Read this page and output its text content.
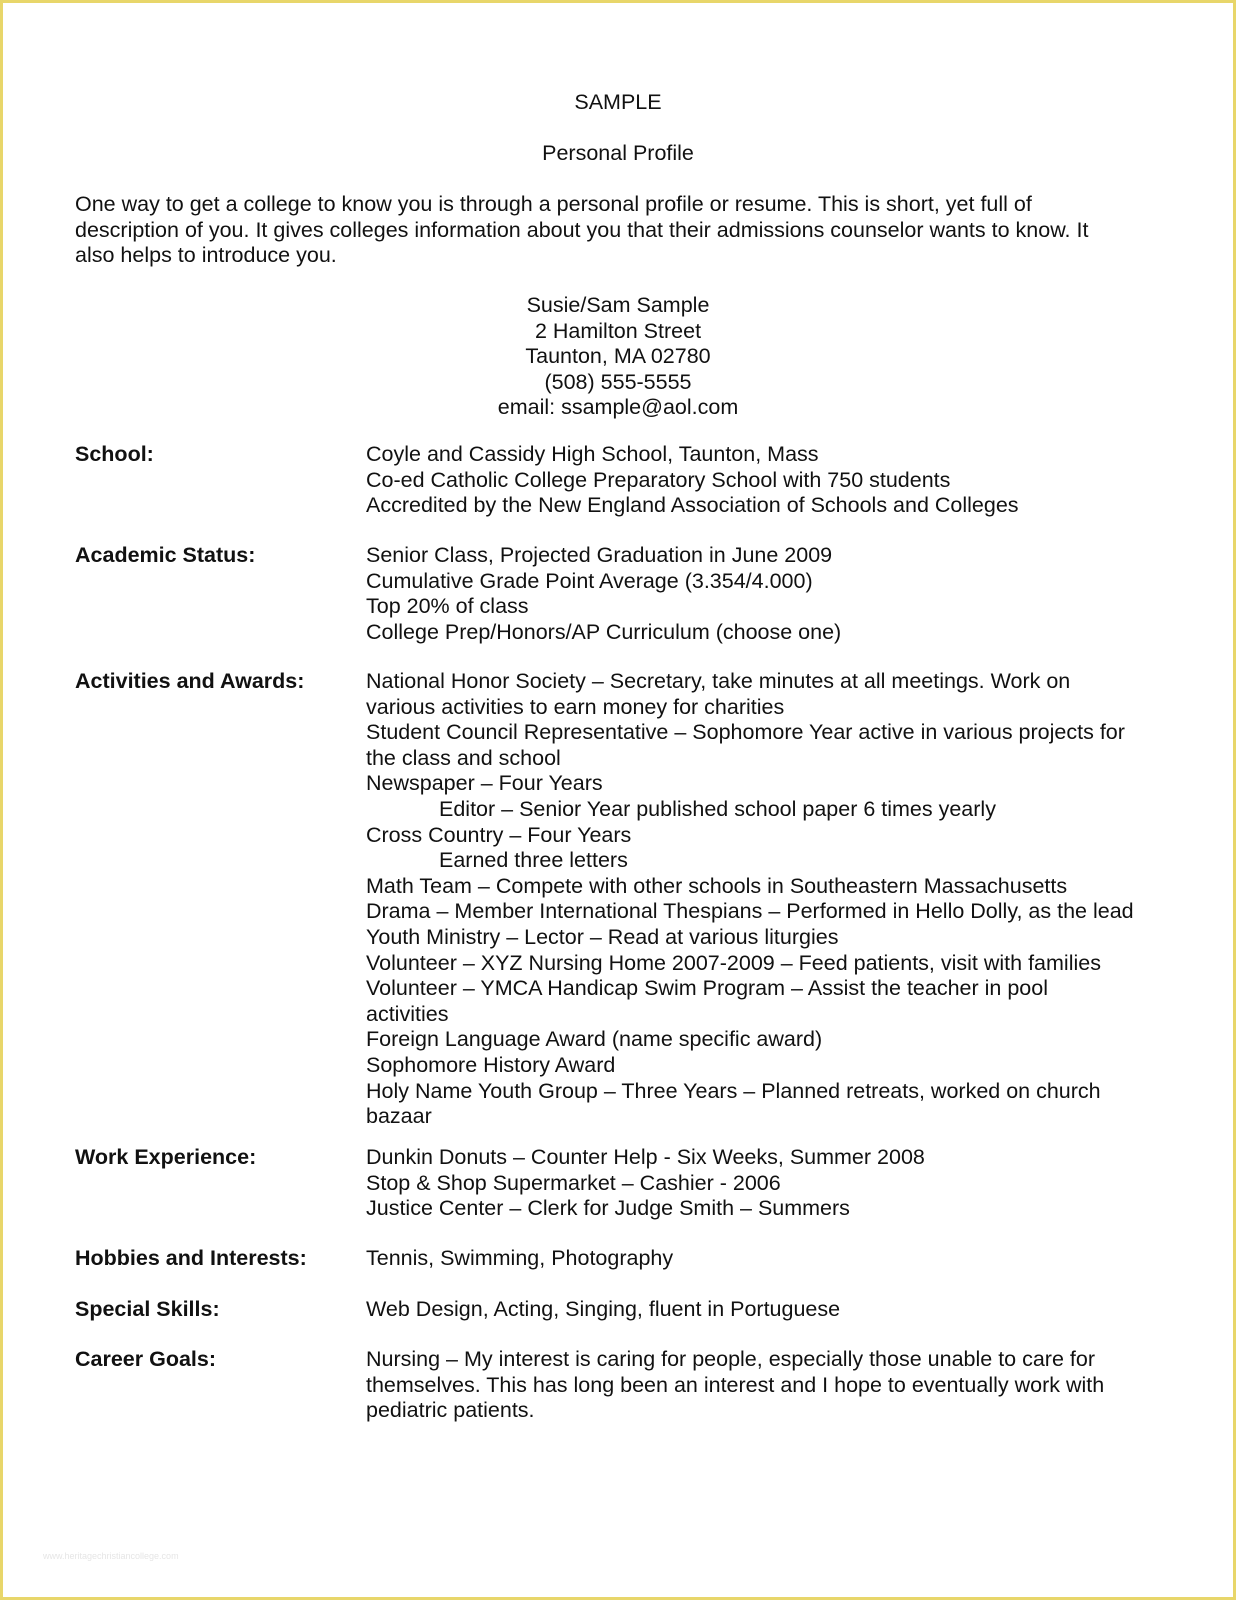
SAMPLE
Personal Profile
One way to get a college to know you is through a personal profile or resume. This is short, yet full of
description of you. It gives colleges information about you that their admissions counselor wants to know. It
also helps to introduce you.
Susie/Sam Sample
2 Hamilton Street
Taunton, MA 02780
(508) 555-5555
email: ssample@aol.com
School:	Coyle and Cassidy High School, Taunton, Mass
Co-ed Catholic College Preparatory School with 750 students
Accredited by the New England Association of Schools and Colleges
Academic Status:	Senior Class, Projected Graduation in June 2009
Cumulative Grade Point Average (3.354/4.000)
Top 20% of class
College Prep/Honors/AP Curriculum (choose one)
Activities and Awards:	National Honor Society – Secretary, take minutes at all meetings. Work on
various activities to earn money for charities
Student Council Representative – Sophomore Year active in various projects for
the class and school
Newspaper – Four Years
Editor – Senior Year published school paper 6 times yearly
Cross Country – Four Years
Earned three letters
Math Team – Compete with other schools in Southeastern Massachusetts
Drama – Member International Thespians – Performed in Hello Dolly, as the lead
Youth Ministry – Lector – Read at various liturgies
Volunteer – XYZ Nursing Home 2007-2009 – Feed patients, visit with families
Volunteer – YMCA Handicap Swim Program – Assist the teacher in pool
activities
Foreign Language Award (name specific award)
Sophomore History Award
Holy Name Youth Group – Three Years – Planned retreats, worked on church
bazaar
Work Experience:	Dunkin Donuts – Counter Help - Six Weeks, Summer 2008
Stop & Shop Supermarket – Cashier - 2006
Justice Center – Clerk for Judge Smith – Summers
Hobbies and Interests:	Tennis, Swimming, Photography
Special Skills:	Web Design, Acting, Singing, fluent in Portuguese
Career Goals:	Nursing – My interest is caring for people, especially those unable to care for
themselves. This has long been an interest and I hope to eventually work with
pediatric patients.
www.heritagechristiancollege.com
